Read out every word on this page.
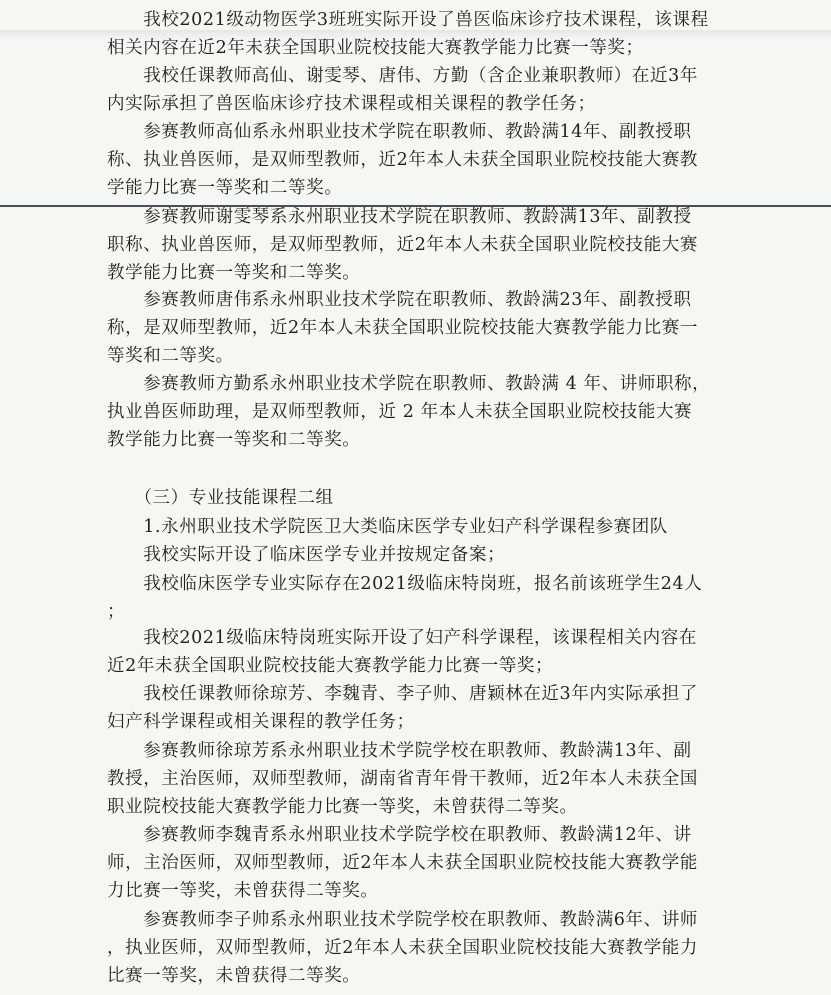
　　我校2021级动物医学3班班实际开设了兽医临床诊疗技术课程，该课程
相关内容在近2年未获全国职业院校技能大赛教学能力比赛一等奖；

　　我校任课教师高仙、谢雯琴、唐伟、方勤（含企业兼职教师）在近3年
内实际承担了兽医临床诊疗技术课程或相关课程的教学任务；

　　参赛教师高仙系永州职业技术学院在职教师、教龄满14年、副教授职
称、执业兽医师，是双师型教师，近2年本人未获全国职业院校技能大赛教
学能力比赛一等奖和二等奖。

　　参赛教师谢雯琴系永州职业技术学院在职教师、教龄满13年、副教授
职称、执业兽医师，是双师型教师，近2年本人未获全国职业院校技能大赛
教学能力比赛一等奖和二等奖。

　　参赛教师唐伟系永州职业技术学院在职教师、教龄满23年、副教授职
称，是双师型教师，近2年本人未获全国职业院校技能大赛教学能力比赛一
等奖和二等奖。

　　参赛教师方勤系永州职业技术学院在职教师、教龄满 4 年、讲师职称，
执业兽医师助理，是双师型教师，近 2 年本人未获全国职业院校技能大赛
教学能力比赛一等奖和二等奖。

　　（三）专业技能课程二组

　　1.永州职业技术学院医卫大类临床医学专业妇产科学课程参赛团队

　　我校实际开设了临床医学专业并按规定备案；

　　我校临床医学专业实际存在2021级临床特岗班，报名前该班学生24人
；

　　我校2021级临床特岗班实际开设了妇产科学课程，该课程相关内容在
近2年未获全国职业院校技能大赛教学能力比赛一等奖；

　　我校任课教师徐琼芳、李魏青、李子帅、唐颖林在近3年内实际承担了
妇产科学课程或相关课程的教学任务；

　　参赛教师徐琼芳系永州职业技术学院学校在职教师、教龄满13年、副
教授，主治医师，双师型教师，湖南省青年骨干教师，近2年本人未获全国
职业院校技能大赛教学能力比赛一等奖，未曾获得二等奖。

　　参赛教师李魏青系永州职业技术学院学校在职教师、教龄满12年、讲
师，主治医师，双师型教师，近2年本人未获全国职业院校技能大赛教学能
力比赛一等奖，未曾获得二等奖。

　　参赛教师李子帅系永州职业技术学院学校在职教师、教龄满6年、讲师
，执业医师，双师型教师，近2年本人未获全国职业院校技能大赛教学能力
比赛一等奖，未曾获得二等奖。
